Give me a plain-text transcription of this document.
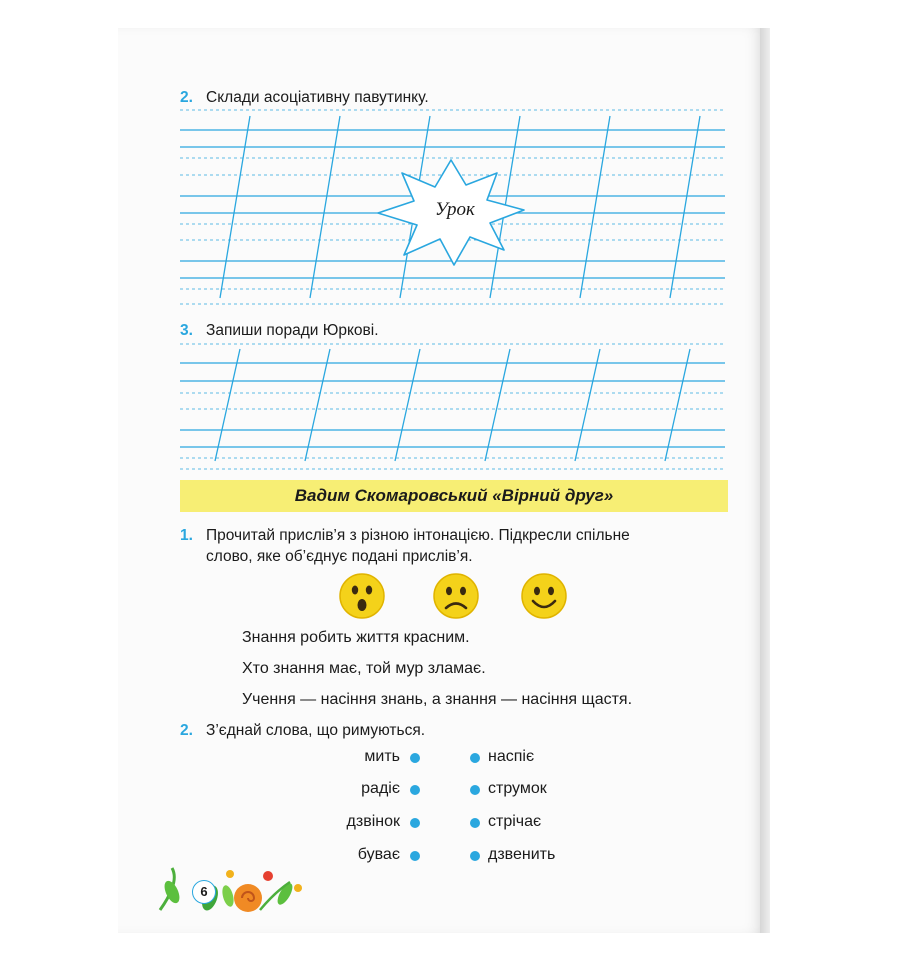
2. Склади асоціативну павутинку.
Урок
3. Запиши поради Юркові.
Вадим Скомаровський «Вірний друг»
1. Прочитай прислів’я з різною інтонацією. Підкресли спільне
слово, яке об’єднує подані прислів’я.
Знання робить життя красним.
Хто знання має, той мур зламає.
Учення — насіння знань, а знання — насіння щастя.
2. З’єднай слова, що римуються.
мить
радіє
дзвінок
буває
наспіє
струмок
стрічає
дзвенить
6
